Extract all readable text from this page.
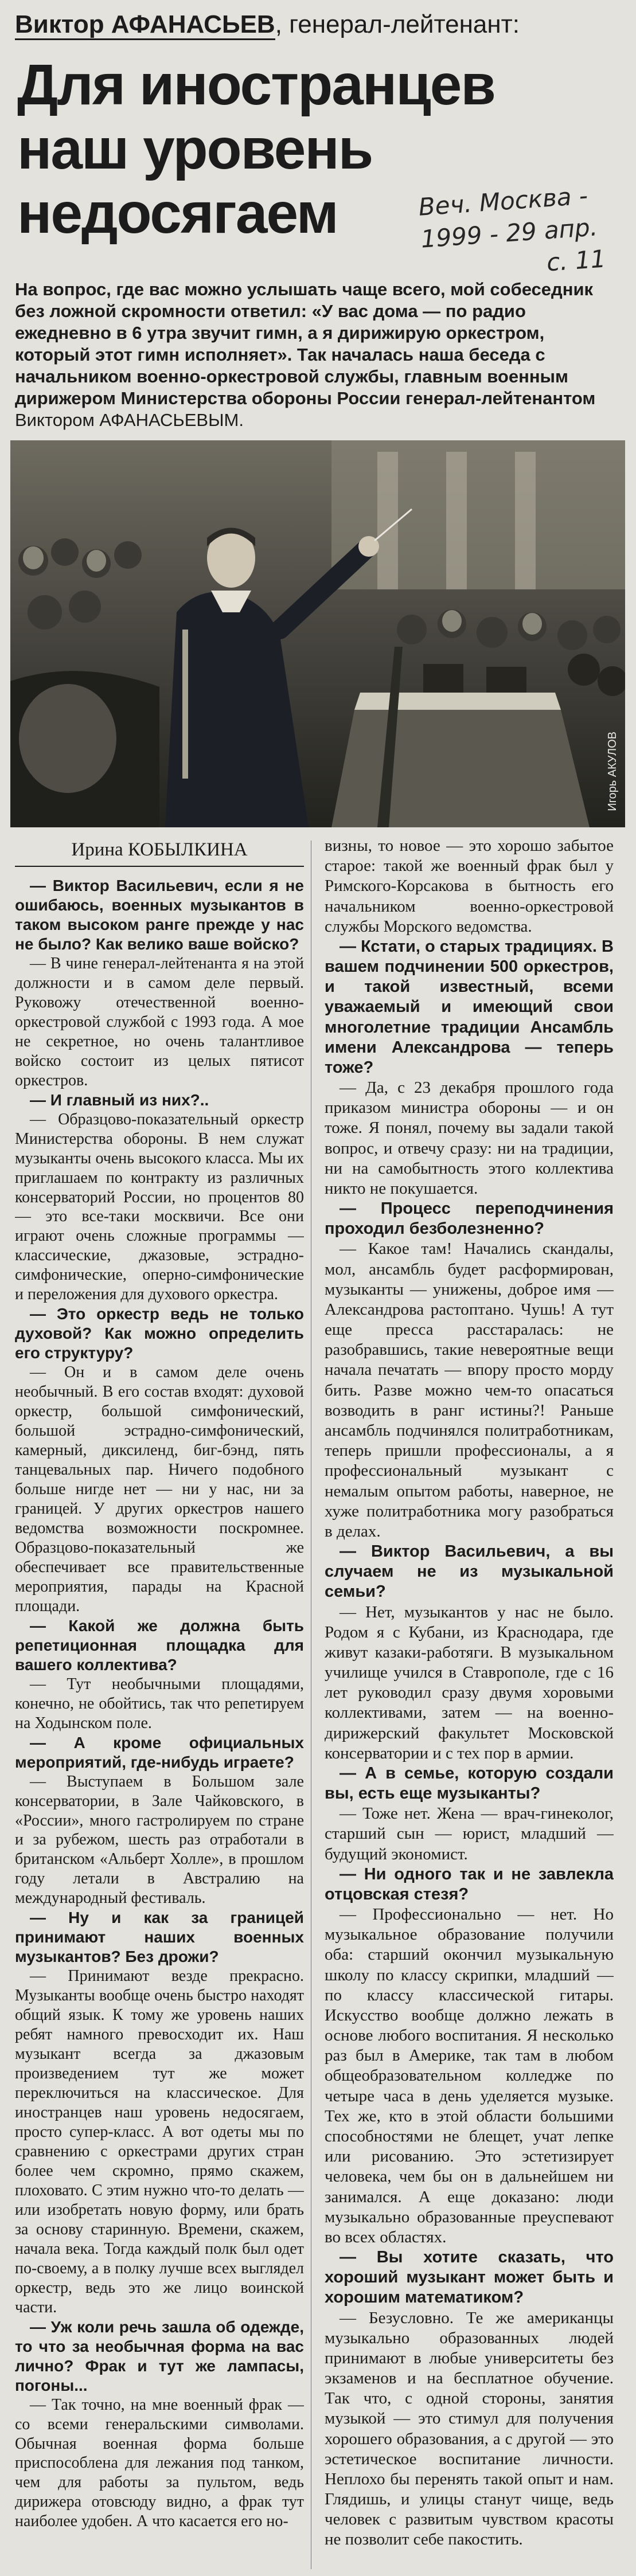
Виктор АФАНАСЬЕВ, генерал-лейтенант:
Для иностранцев
наш уровень
недосягаем	Веч. Москва -
1999 - 29 апр.
с. 11
На вопрос, где вас можно услышать чаще всего, мой собеседник без ложной скромности ответил: «У вас дома — по радио ежедневно в 6 утра звучит гимн, а я дирижирую оркестром, который этот гимн исполняет». Так началась наша беседа с начальником военно-оркестровой службы, главным военным дирижером Министерства обороны России генерал-лейтенантом Виктором АФАНАСЬЕВЫМ.
Игорь АКУЛОВ
Ирина КОБЫЛКИНА

— Виктор Васильевич, если я не ошибаюсь, военных музыкантов в таком высоком ранге прежде у нас не было? Как велико ваше войско?

— В чине генерал-лейтенанта я на этой должности и в самом деле первый. Руковожу отечественной военно-оркестровой службой с 1993 года. А мое не секретное, но очень талантливое войско состоит из целых пятисот оркестров.

— И главный из них?..

— Образцово-показательный оркестр Министерства обороны. В нем служат музыканты очень высокого класса. Мы их приглашаем по контракту из различных консерваторий России, но процентов 80 — это все-таки москвичи. Все они играют очень сложные программы — классические, джазовые, эстрадно-симфонические, оперно-симфонические и переложения для духового оркестра.

— Это оркестр ведь не только духовой? Как можно определить его структуру?

— Он и в самом деле очень необычный. В его состав входят: духовой оркестр, большой симфонический, большой эстрадно-симфонический, камерный, диксиленд, биг-бэнд, пять танцевальных пар. Ничего подобного больше нигде нет — ни у нас, ни за границей. У других оркестров нашего ведомства возможности поскромнее. Образцово-показательный же обеспечивает все правительственные мероприятия, парады на Красной площади.

— Какой же должна быть репетиционная площадка для вашего коллектива?

— Тут необычными площадями, конечно, не обойтись, так что репетируем на Ходынском поле.

— А кроме официальных мероприятий, где-нибудь играете?

— Выступаем в Большом зале консерватории, в Зале Чайковского, в «России», много гастролируем по стране и за рубежом, шесть раз отработали в британском «Альберт Холле», в прошлом году летали в Австралию на международный фестиваль.

— Ну и как за границей принимают наших военных музыкантов? Без дрожи?

— Принимают везде прекрасно. Музыканты вообще очень быстро находят общий язык. К тому же уровень наших ребят намного превосходит их. Наш музыкант всегда за джазовым произведением тут же может переключиться на классическое. Для иностранцев наш уровень недосягаем, просто супер-класс. А вот одеты мы по сравнению с оркестрами других стран более чем скромно, прямо скажем, плоховато. С этим нужно что-то делать — или изобретать новую форму, или брать за основу старинную. Времени, скажем, начала века. Тогда каждый полк был одет по-своему, а в полку лучше всех выглядел оркестр, ведь это же лицо воинской части.

— Уж коли речь зашла об одежде, то что за необычная форма на вас лично? Фрак и тут же лампасы, погоны...

— Так точно, на мне военный фрак — со всеми генеральскими символами. Обычная военная форма больше приспособлена для лежания под танком, чем для работы за пультом, ведь дирижера отовсюду видно, а фрак тут наиболее удобен. А что касается его но-

визны, то новое — это хорошо забытое старое: такой же военный фрак был у Римского-Корсакова в бытность его начальником военно-оркестровой службы Морского ведомства.

— Кстати, о старых традициях. В вашем подчинении 500 оркестров, и такой известный, всеми уважаемый и имеющий свои многолетние традиции Ансамбль имени Александрова — теперь тоже?

— Да, с 23 декабря прошлого года приказом министра обороны — и он тоже. Я понял, почему вы задали такой вопрос, и отвечу сразу: ни на традиции, ни на самобытность этого коллектива никто не покушается.

— Процесс переподчинения проходил безболезненно?

— Какое там! Начались скандалы, мол, ансамбль будет расформирован, музыканты — унижены, доброе имя — Александрова растоптано. Чушь! А тут еще пресса расстаралась: не разобравшись, такие невероятные вещи начала печатать — впору просто морду бить. Разве можно чем-то опасаться возводить в ранг истины?! Раньше ансамбль подчинялся политработникам, теперь пришли профессионалы, а я профессиональный музыкант с немалым опытом работы, наверное, не хуже политработника могу разобраться в делах.

— Виктор Васильевич, а вы случаем не из музыкальной семьи?

— Нет, музыкантов у нас не было. Родом я с Кубани, из Краснодара, где живут казаки-работяги. В музыкальном училище учился в Ставрополе, где с 16 лет руководил сразу двумя хоровыми коллективами, затем — на военно-дирижерский факультет Московской консерватории и с тех пор в армии.

— А в семье, которую создали вы, есть еще музыканты?

— Тоже нет. Жена — врач-гинеколог, старший сын — юрист, младший — будущий экономист.

— Ни одного так и не завлекла отцовская стезя?

— Профессионально — нет. Но музыкальное образование получили оба: старший окончил музыкальную школу по классу скрипки, младший — по классу классической гитары. Искусство вообще должно лежать в основе любого воспитания. Я несколько раз был в Америке, так там в любом общеобразовательном колледже по четыре часа в день уделяется музыке. Тех же, кто в этой области большими способностями не блещет, учат лепке или рисованию. Это эстетизирует человека, чем бы он в дальнейшем ни занимался. А еще доказано: люди музыкально образованные преуспевают во всех областях.

— Вы хотите сказать, что хороший музыкант может быть и хорошим математиком?

— Безусловно. Те же американцы музыкально образованных людей принимают в любые университеты без экзаменов и на бесплатное обучение. Так что, с одной стороны, занятия музыкой — это стимул для получения хорошего образования, а с другой — это эстетическое воспитание личности. Неплохо бы перенять такой опыт и нам. Глядишь, и улицы станут чище, ведь человек с развитым чувством красоты не позволит себе пакостить.
